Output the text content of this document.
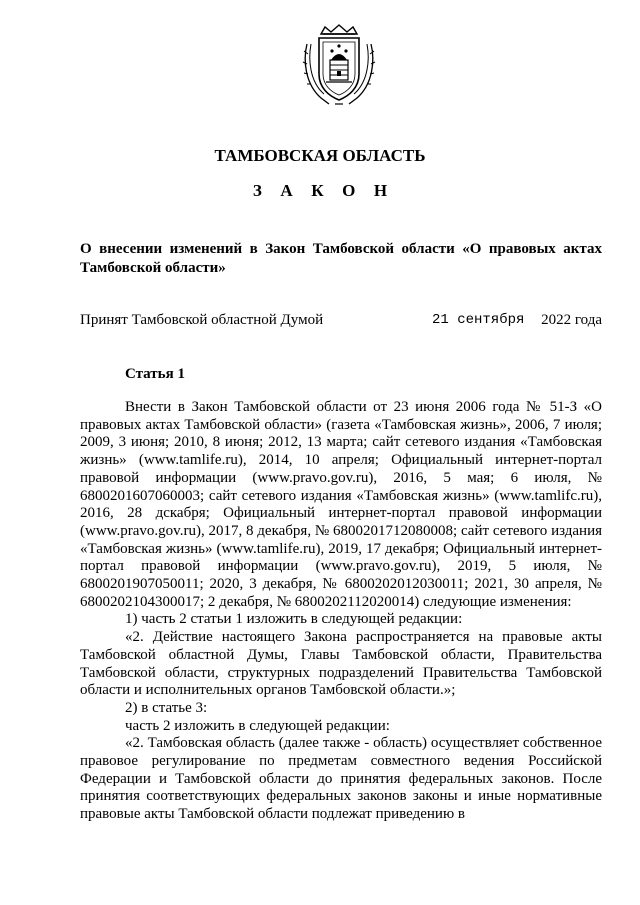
ТАМБОВСКАЯ ОБЛАСТЬ
З А К О Н
О внесении изменений в Закон Тамбовской области «О правовых актах Тамбовской области»
Принят Тамбовской областной Думой	21 сентября 2022 года
Статья 1

Внести в Закон Тамбовской области от 23 июня 2006 года № 51-З «О правовых актах Тамбовской области» (газета «Тамбовская жизнь», 2006, 7 июля; 2009, 3 июня; 2010, 8 июня; 2012, 13 марта; сайт сетевого издания «Тамбовская жизнь» (www.tamlife.ru), 2014, 10 апреля; Официальный интернет-портал правовой информации (www.pravo.gov.ru), 2016, 5 мая; 6 июля, № 6800201607060003; сайт сетевого издания «Тамбовская жизнь» (www.tamlifc.ru), 2016, 28 дскабря; Официальный интернет-портал правовой информации (www.pravo.gov.ru), 2017, 8 декабря, № 6800201712080008; сайт сетевого издания «Тамбовская жизнь» (www.tamlife.ru), 2019, 17 декабря; Официальный интернет-портал правовой информации (www.pravo.gov.ru), 2019, 5 июля, № 6800201907050011; 2020, 3 декабря, № 6800202012030011; 2021, 30 апреля, № 6800202104300017; 2 декабря, № 6800202112020014) следующие изменения:

1) часть 2 статьи 1 изложить в следующей редакции:

«2. Действие настоящего Закона распространяется на правовые акты Тамбовской областной Думы, Главы Тамбовской области, Правительства Тамбовской области, структурных подразделений Правительства Тамбовской области и исполнительных органов Тамбовской области.»;

2) в статье 3:

часть 2 изложить в следующей редакции:

«2. Тамбовская область (далее также - область) осуществляет собственное правовое регулирование по предметам совместного ведения Российской Федерации и Тамбовской области до принятия федеральных законов. После принятия соответствующих федеральных законов законы и иные нормативные правовые акты Тамбовской области подлежат приведению в
